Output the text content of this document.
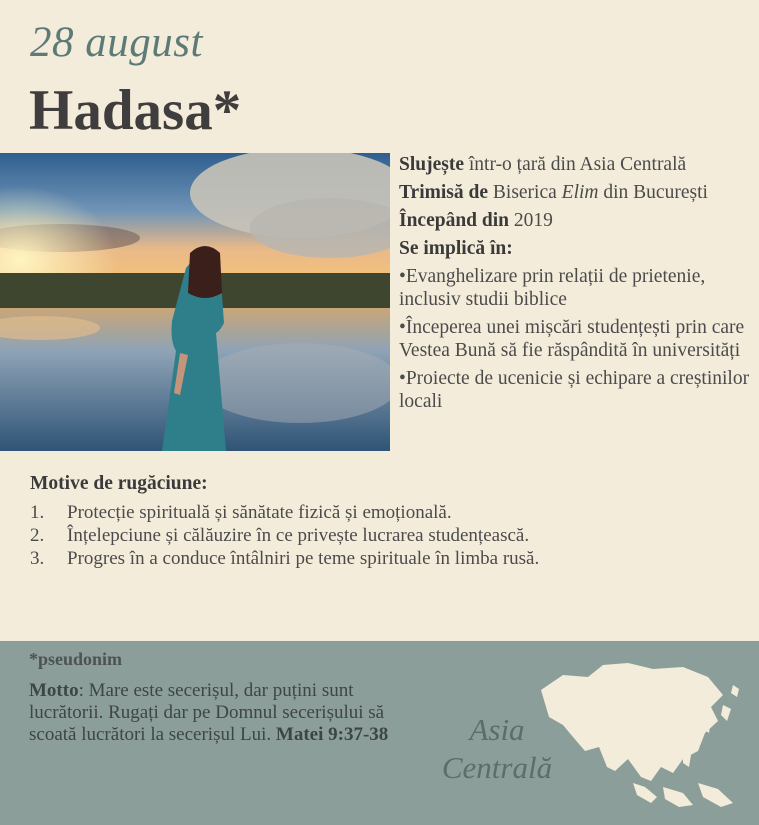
28 august
Hadasa*

Slujește într-o țară din Asia Centrală

Trimisă de Biserica Elim din București

Începând din 2019

Se implică în:

•Evanghelizare prin relații de prietenie, inclusiv studii biblice

•Începerea unei mișcări studențești prin care Vestea Bună să fie răspândită în universități

•Proiecte de ucenicie și echipare a creștinilor locali

Motive de rugăciune:
1.	Protecție spirituală și sănătate fizică și emoțională.
2.	Înțelepciune și călăuzire în ce privește lucrarea studențească.
3.	Progres în a conduce întâlniri pe teme spirituale în limba rusă.
*pseudonim
Motto: Mare este secerișul, dar puțini sunt lucrătorii. Rugați dar pe Domnul secerișului să scoată lucrători la secerișul Lui. Matei 9:37-38	Asia
Centrală
